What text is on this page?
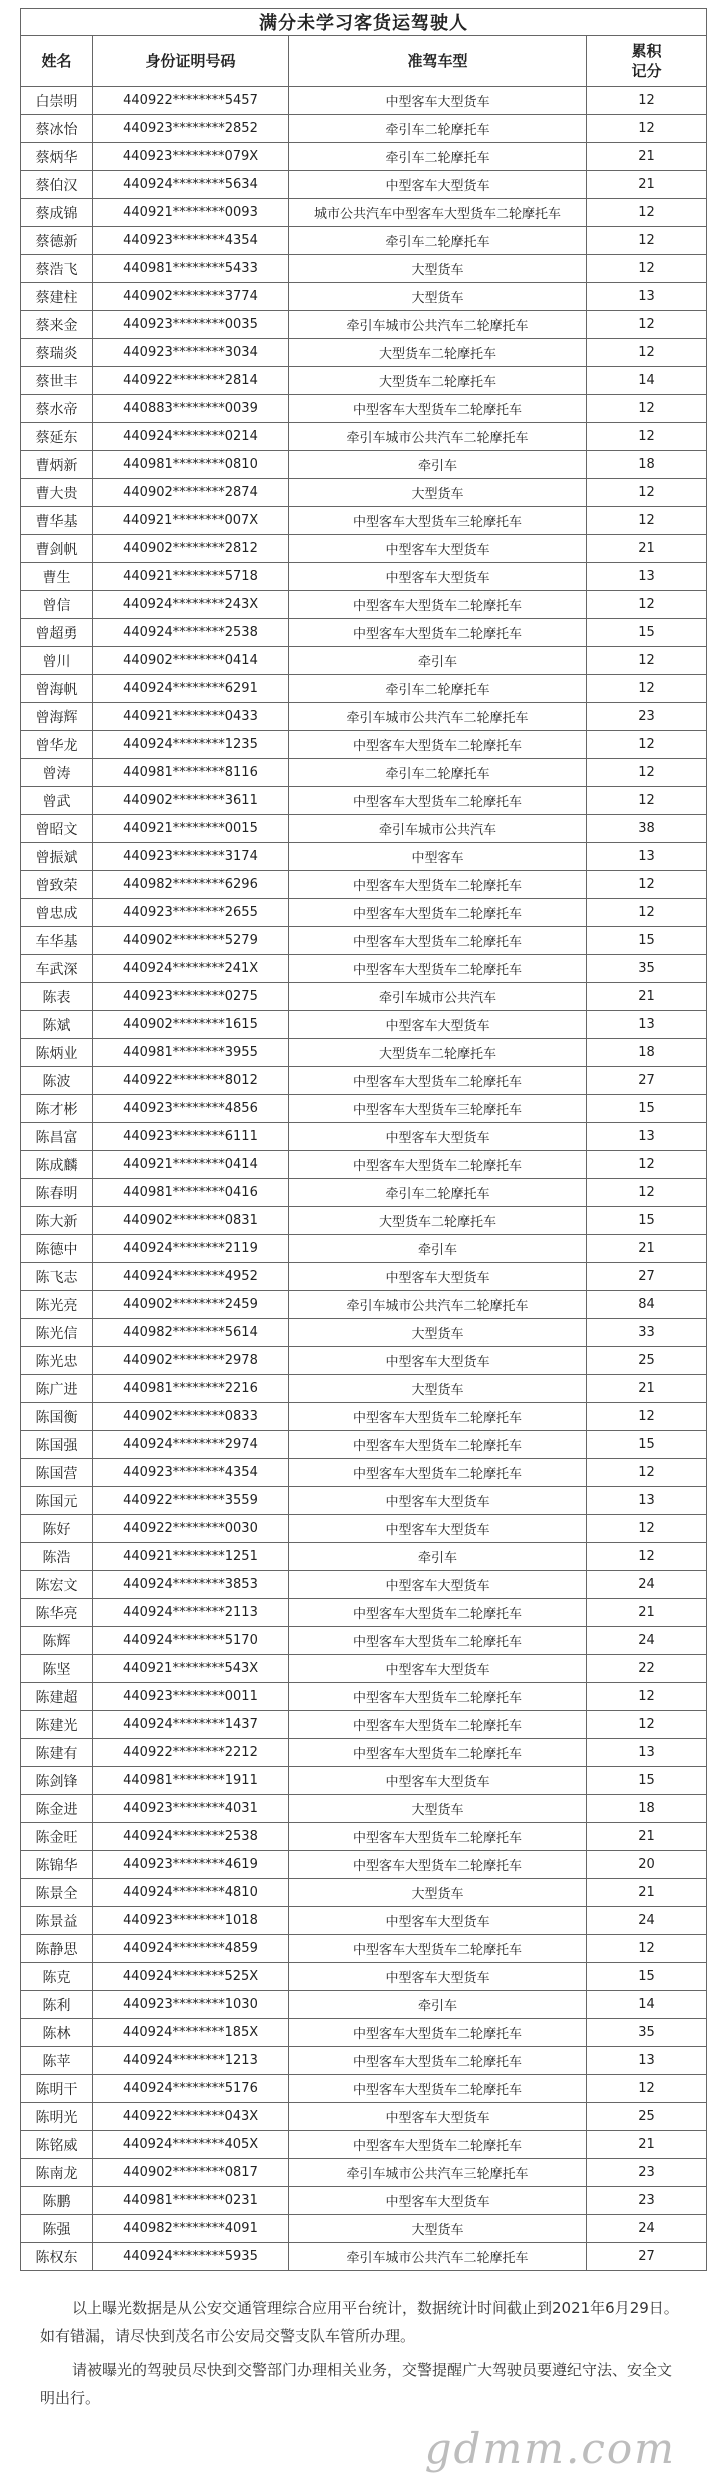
满分未学习客货运驾驶人			
姓名	身份证明号码	准驾车型	累积记分
白崇明	440922********5457	中型客车大型货车	12
蔡冰怡	440923********2852	牵引车二轮摩托车	12
蔡炳华	440923********079X	牵引车二轮摩托车	21
蔡伯汉	440924********5634	中型客车大型货车	21
蔡成锦	440921********0093	城市公共汽车中型客车大型货车二轮摩托车	12
蔡德新	440923********4354	牵引车二轮摩托车	12
蔡浩飞	440981********5433	大型货车	12
蔡建柱	440902********3774	大型货车	13
蔡来金	440923********0035	牵引车城市公共汽车二轮摩托车	12
蔡瑞炎	440923********3034	大型货车二轮摩托车	12
蔡世丰	440922********2814	大型货车二轮摩托车	14
蔡水帝	440883********0039	中型客车大型货车二轮摩托车	12
蔡延东	440924********0214	牵引车城市公共汽车二轮摩托车	12
曹炳新	440981********0810	牵引车	18
曹大贵	440902********2874	大型货车	12
曹华基	440921********007X	中型客车大型货车三轮摩托车	12
曹剑帆	440902********2812	中型客车大型货车	21
曹生	440921********5718	中型客车大型货车	13
曾信	440924********243X	中型客车大型货车二轮摩托车	12
曾超勇	440924********2538	中型客车大型货车二轮摩托车	15
曾川	440902********0414	牵引车	12
曾海帆	440924********6291	牵引车二轮摩托车	12
曾海辉	440921********0433	牵引车城市公共汽车二轮摩托车	23
曾华龙	440924********1235	中型客车大型货车二轮摩托车	12
曾涛	440981********8116	牵引车二轮摩托车	12
曾武	440902********3611	中型客车大型货车二轮摩托车	12
曾昭文	440921********0015	牵引车城市公共汽车	38
曾振斌	440923********3174	中型客车	13
曾致荣	440982********6296	中型客车大型货车二轮摩托车	12
曾忠成	440923********2655	中型客车大型货车二轮摩托车	12
车华基	440902********5279	中型客车大型货车二轮摩托车	15
车武深	440924********241X	中型客车大型货车二轮摩托车	35
陈表	440923********0275	牵引车城市公共汽车	21
陈斌	440902********1615	中型客车大型货车	13
陈炳业	440981********3955	大型货车二轮摩托车	18
陈波	440922********8012	中型客车大型货车二轮摩托车	27
陈才彬	440923********4856	中型客车大型货车三轮摩托车	15
陈昌富	440923********6111	中型客车大型货车	13
陈成麟	440921********0414	中型客车大型货车二轮摩托车	12
陈春明	440981********0416	牵引车二轮摩托车	12
陈大新	440902********0831	大型货车二轮摩托车	15
陈德中	440924********2119	牵引车	21
陈飞志	440924********4952	中型客车大型货车	27
陈光亮	440902********2459	牵引车城市公共汽车二轮摩托车	84
陈光信	440982********5614	大型货车	33
陈光忠	440902********2978	中型客车大型货车	25
陈广进	440981********2216	大型货车	21
陈国衡	440902********0833	中型客车大型货车二轮摩托车	12
陈国强	440924********2974	中型客车大型货车二轮摩托车	15
陈国营	440923********4354	中型客车大型货车二轮摩托车	12
陈国元	440922********3559	中型客车大型货车	13
陈好	440922********0030	中型客车大型货车	12
陈浩	440921********1251	牵引车	12
陈宏文	440924********3853	中型客车大型货车	24
陈华亮	440924********2113	中型客车大型货车二轮摩托车	21
陈辉	440924********5170	中型客车大型货车二轮摩托车	24
陈坚	440921********543X	中型客车大型货车	22
陈建超	440923********0011	中型客车大型货车二轮摩托车	12
陈建光	440924********1437	中型客车大型货车二轮摩托车	12
陈建有	440922********2212	中型客车大型货车二轮摩托车	13
陈剑锋	440981********1911	中型客车大型货车	15
陈金进	440923********4031	大型货车	18
陈金旺	440924********2538	中型客车大型货车二轮摩托车	21
陈锦华	440923********4619	中型客车大型货车二轮摩托车	20
陈景全	440924********4810	大型货车	21
陈景益	440923********1018	中型客车大型货车	24
陈静思	440924********4859	中型客车大型货车二轮摩托车	12
陈克	440924********525X	中型客车大型货车	15
陈利	440923********1030	牵引车	14
陈林	440924********185X	中型客车大型货车二轮摩托车	35
陈苹	440924********1213	中型客车大型货车二轮摩托车	13
陈明干	440924********5176	中型客车大型货车二轮摩托车	12
陈明光	440922********043X	中型客车大型货车	25
陈铭威	440924********405X	中型客车大型货车二轮摩托车	21
陈南龙	440902********0817	牵引车城市公共汽车三轮摩托车	23
陈鹏	440981********0231	中型客车大型货车	23
陈强	440982********4091	大型货车	24
陈权东	440924********5935	牵引车城市公共汽车二轮摩托车	27

以上曝光数据是从公安交通管理综合应用平台统计，数据统计时间截止到2021年6月29日。如有错漏，请尽快到茂名市公安局交警支队车管所办理。

请被曝光的驾驶员尽快到交警部门办理相关业务，交警提醒广大驾驶员要遵纪守法、安全文明出行。

gdmm.com
